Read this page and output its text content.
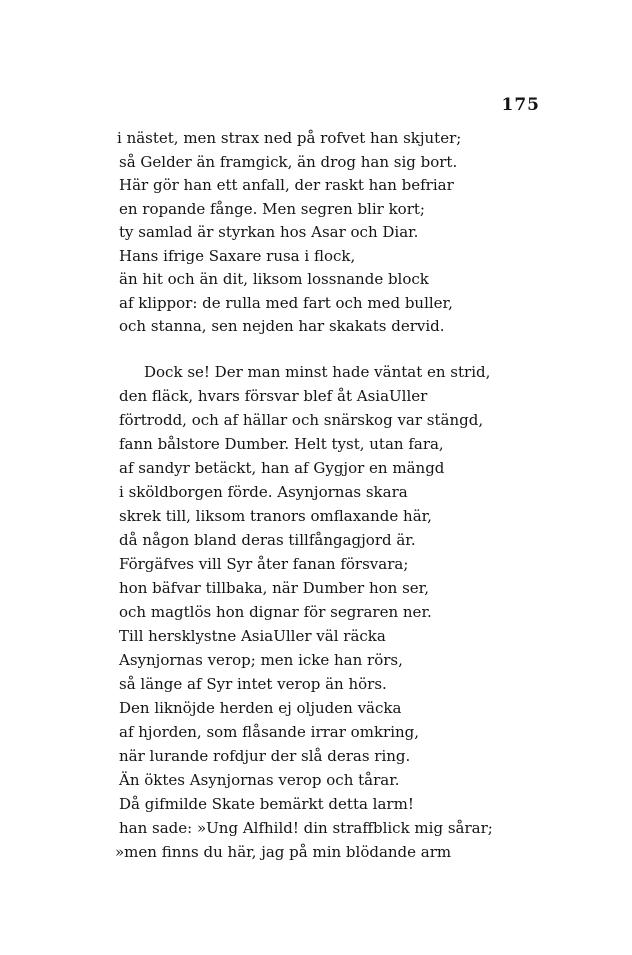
175
i nästet, men strax ned på rofvet han skjuter;
så Gelder än framgick, än drog han sig bort.
Här gör han ett anfall, der raskt han befriar
en ropande fånge. Men segren blir kort;
ty samlad är styrkan hos Asar och Diar.
Hans ifrige Saxare rusa i flock,
än hit och än dit, liksom lossnande block
af klippor: de rulla med fart och med buller,
och stanna, sen nejden har skakats dervid.
Dock se! Der man minst hade väntat en strid,
den fläck, hvars försvar blef åt AsiaUller
förtrodd, och af hällar och snärskog var stängd,
fann bålstore Dumber. Helt tyst, utan fara,
af sandyr betäckt, han af Gygjor en mängd
i sköldborgen förde. Asynjornas skara
skrek till, liksom tranors omflaxande här,
då någon bland deras tillfångagjord är.
Förgäfves vill Syr åter fanan försvara;
hon bäfvar tillbaka, när Dumber hon ser,
och magtlös hon dignar för segraren ner.
Till hersklystne AsiaUller väl räcka
Asynjornas verop; men icke han rörs,
så länge af Syr intet verop än hörs.
Den liknöjde herden ej oljuden väcka
af hjorden, som flåsande irrar omkring,
när lurande rofdjur der slå deras ring.
Än öktes Asynjornas verop och tårar.
Då gifmilde Skate bemärkt detta larm!
han sade: »Ung Alfhild! din straffblick mig sårar;
»men finns du här, jag på min blödande arm
